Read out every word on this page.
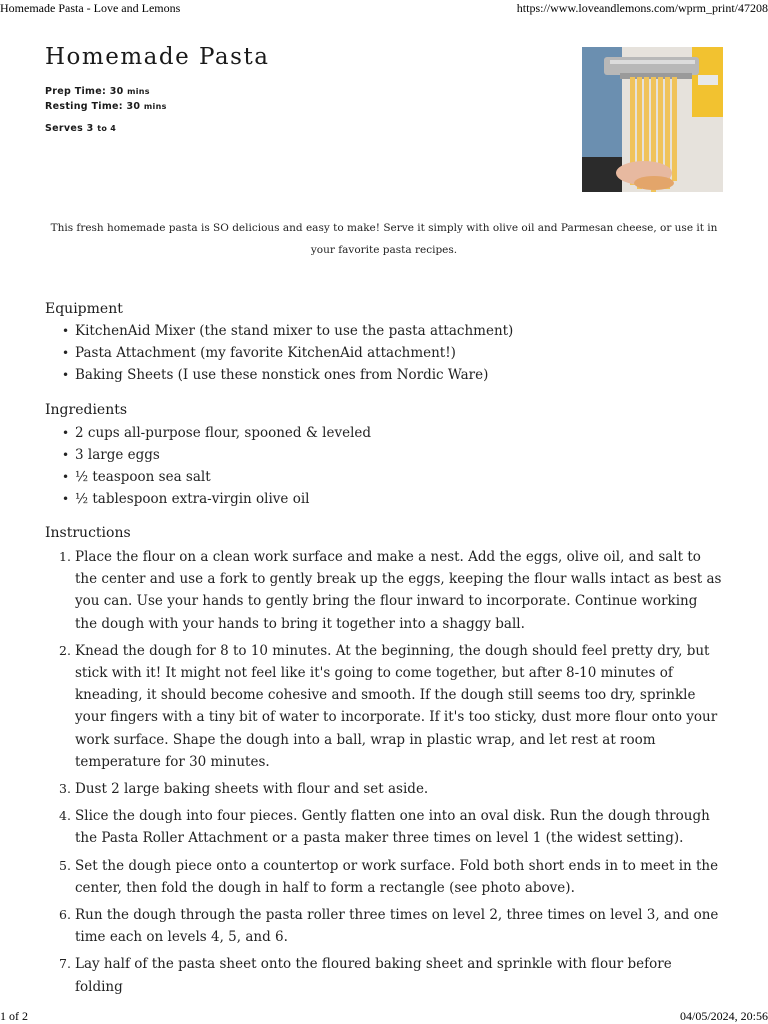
Homemade Pasta - Love and Lemons	https://www.loveandlemons.com/wprm_print/47208
Homemade Pasta
Prep Time: 30 mins
Resting Time: 30 mins
Serves 3 to 4

This fresh homemade pasta is SO delicious and easy to make! Serve it simply with olive oil and Parmesan cheese, or use it in your favorite pasta recipes.

Equipment
• KitchenAid Mixer (the stand mixer to use the pasta attachment)
• Pasta Attachment (my favorite KitchenAid attachment!)
• Baking Sheets (I use these nonstick ones from Nordic Ware)
Ingredients
• 2 cups all-purpose flour, spooned & leveled
• 3 large eggs
• ½ teaspoon sea salt
• ½ tablespoon extra-virgin olive oil
Instructions
1. Place the flour on a clean work surface and make a nest. Add the eggs, olive oil, and salt to the center and use a fork to gently break up the eggs, keeping the flour walls intact as best as you can. Use your hands to gently bring the flour inward to incorporate. Continue working the dough with your hands to bring it together into a shaggy ball.
2. Knead the dough for 8 to 10 minutes. At the beginning, the dough should feel pretty dry, but stick with it! It might not feel like it's going to come together, but after 8-10 minutes of kneading, it should become cohesive and smooth. If the dough still seems too dry, sprinkle your fingers with a tiny bit of water to incorporate. If it's too sticky, dust more flour onto your work surface. Shape the dough into a ball, wrap in plastic wrap, and let rest at room temperature for 30 minutes.
3. Dust 2 large baking sheets with flour and set aside.
4. Slice the dough into four pieces. Gently flatten one into an oval disk. Run the dough through the Pasta Roller Attachment or a pasta maker three times on level 1 (the widest setting).
5. Set the dough piece onto a countertop or work surface. Fold both short ends in to meet in the center, then fold the dough in half to form a rectangle (see photo above).
6. Run the dough through the pasta roller three times on level 2, three times on level 3, and one time each on levels 4, 5, and 6.
7. Lay half of the pasta sheet onto the floured baking sheet and sprinkle with flour before folding
1 of 2	04/05/2024, 20:56
